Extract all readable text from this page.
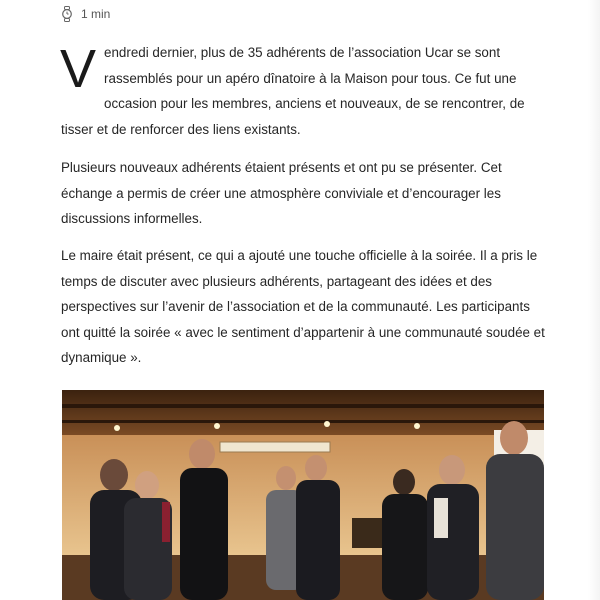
1 min

Vendredi dernier, plus de 35 adhérents de l’association Ucar se sont rassemblés pour un apéro dînatoire à la Maison pour tous. Ce fut une occasion pour les membres, anciens et nouveaux, de se rencontrer, de tisser et de renforcer des liens existants.

Plusieurs nouveaux adhérents étaient présents et ont pu se présenter. Cet échange a permis de créer une atmosphère conviviale et d’encourager les discussions informelles.

Le maire était présent, ce qui a ajouté une touche officielle à la soirée. Il a pris le temps de discuter avec plusieurs adhérents, partageant des idées et des perspectives sur l’avenir de l’association et de la communauté. Les participants ont quitté la soirée « avec le sentiment d’appartenir à une communauté soudée et dynamique ».
